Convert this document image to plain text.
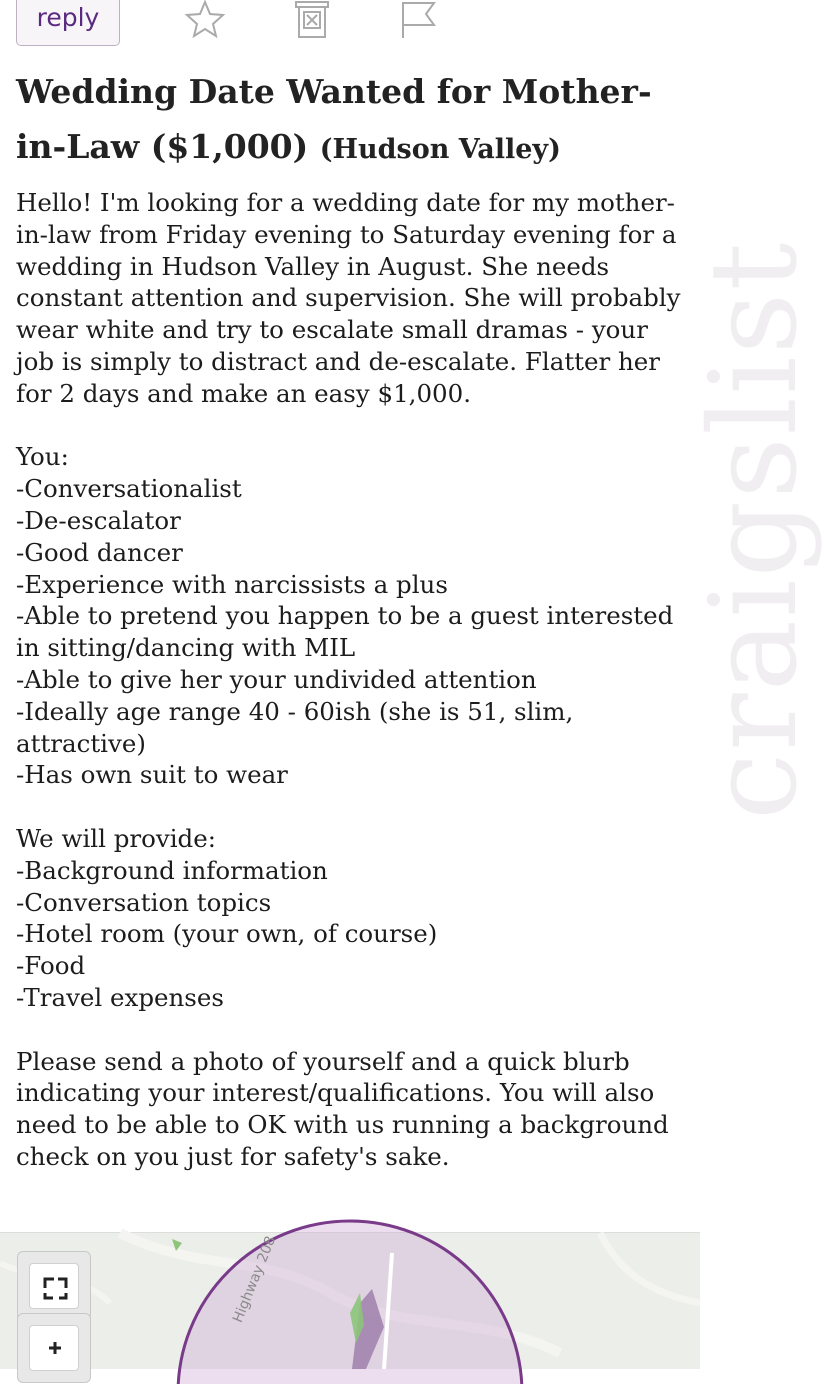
craigslist
reply
Wedding Date Wanted for Mother-in-Law ($1,000) (Hudson Valley)

Hello! I'm looking for a wedding date for my mother-in-law from Friday evening to Saturday evening for a wedding in Hudson Valley in August. She needs constant attention and supervision. She will probably wear white and try to escalate small dramas - your job is simply to distract and de-escalate. Flatter her for 2 days and make an easy $1,000.

You:

-Conversationalist
-De-escalator
-Good dancer
-Experience with narcissists a plus
-Able to pretend you happen to be a guest interested in sitting/dancing with MIL
-Able to give her your undivided attention
-Ideally age range 40 - 60ish (she is 51, slim, attractive)
-Has own suit to wear

We will provide:

-Background information
-Conversation topics
-Hotel room (your own, of course)
-Food
-Travel expenses

Please send a photo of yourself and a quick blurb indicating your interest/qualifications. You will also need to be able to OK with us running a background check on you just for safety's sake.

Highway 208
